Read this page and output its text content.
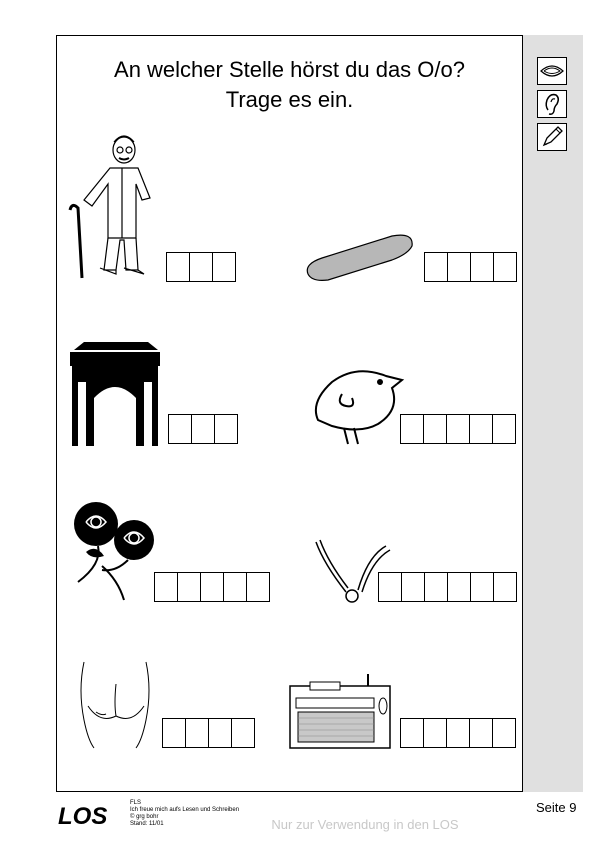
An welcher Stelle hörst du das O/o?
Trage es ein.
LOS	FLS
Ich freue mich aufs Lesen und Schreiben
© grg bohr
Stand: 11/01	Nur zur Verwendung in den LOS
Seite 9
